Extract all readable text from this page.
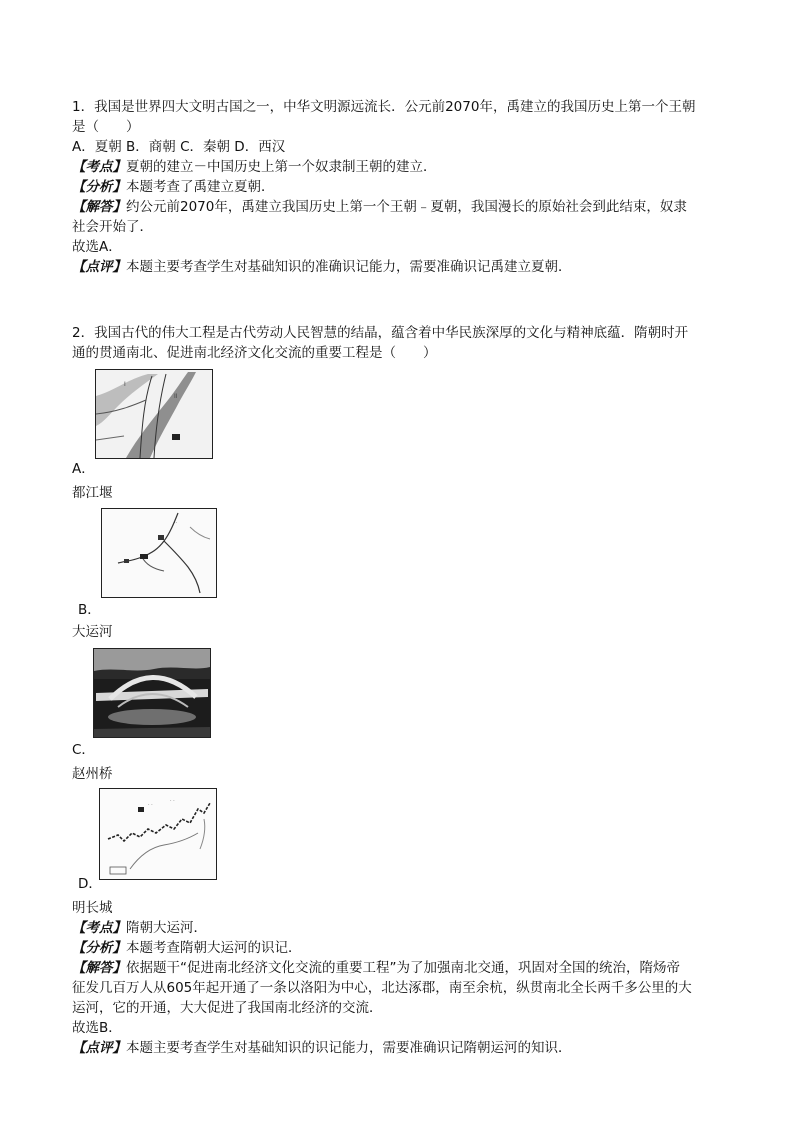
1．我国是世界四大文明古国之一，中华文明源远流长．公元前2070年，禹建立的我国历史上第一个王朝
是（　　）
A．夏朝 B．商朝 C．秦朝 D．西汉
【考点】夏朝的建立－中国历史上第一个奴隶制王朝的建立．
【分析】本题考查了禹建立夏朝．
【解答】约公元前2070年，禹建立我国历史上第一个王朝﹣夏朝，我国漫长的原始社会到此结束，奴隶
社会开始了．
故选A．
【点评】本题主要考查学生对基础知识的准确识记能力，需要准确识记禹建立夏朝．
2．我国古代的伟大工程是古代劳动人民智慧的结晶，蕴含着中华民族深厚的文化与精神底蕴．隋朝时开
通的贯通南北、促进南北经济文化交流的重要工程是（　　）
I
II
A．
都江堰
..
B．
大运河
C．
赵州桥
. .
. .
D．
明长城
【考点】隋朝大运河．
【分析】本题考查隋朝大运河的识记．
【解答】依据题干“促进南北经济文化交流的重要工程”为了加强南北交通，巩固对全国的统治，隋炀帝
征发几百万人从605年起开通了一条以洛阳为中心，北达涿郡，南至余杭，纵贯南北全长两千多公里的大
运河，它的开通，大大促进了我国南北经济的交流．
故选B．
【点评】本题主要考查学生对基础知识的识记能力，需要准确识记隋朝运河的知识．
